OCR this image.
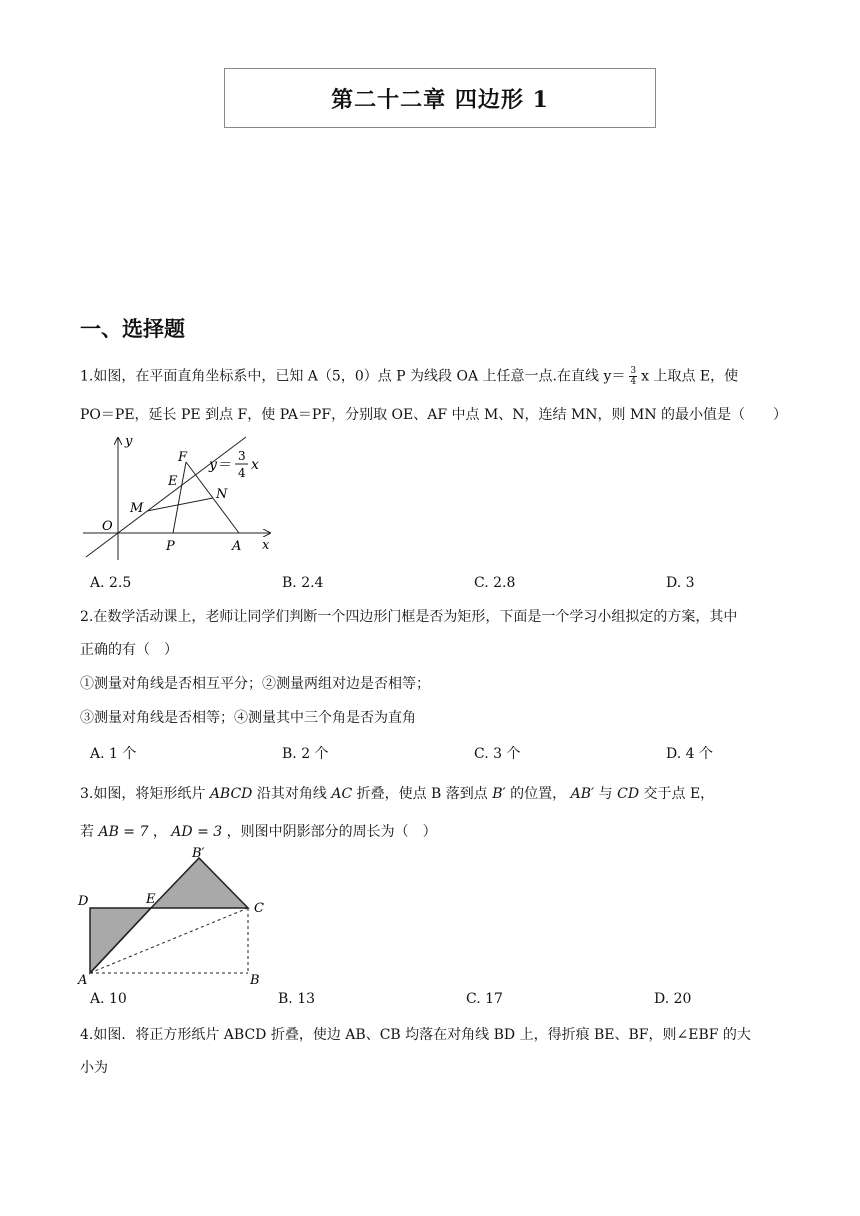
第二十二章 四边形 1
一、选择题
1.如图，在平面直角坐标系中，已知 A（5，0）点 P 为线段 OA 上任意一点.在直线 $y= \frac{3}{4}$ x 上取点 E，使
PO＝PE，延长 PE 到点 F，使 PA＝PF，分别取 OE、AF 中点 M、N，连结 MN，则 MN 的最小值是（　　）
y
x
O
P	A
E
F
M
N
y＝
3
4 x
A. 2.5	B. 2.4	C. 2.8	D. 3
2.在数学活动课上，老师让同学们判断一个四边形门框是否为矩形，下面是一个学习小组拟定的方案，其中
正确的有（　）
①测量对角线是否相互平分；②测量两组对边是否相等；
③测量对角线是否相等；④测量其中三个角是否为直角
A. 1 个	B. 2 个	C. 3 个	D. 4 个
3.如图，将矩形纸片 ABCD 沿其对角线 AC 折叠，使点 B 落到点 B′ 的位置， AB′ 与 CD 交于点 E，
若 AB = 7 ， AD = 3 ，则图中阴影部分的周长为（　）
B′
D	E
C
A	B
A. 10	B. 13	C. 17	D. 20
4.如图．将正方形纸片 ABCD 折叠，使边 AB、CB 均落在对角线 BD 上，得折痕 BE、BF，则∠EBF 的大
小为
